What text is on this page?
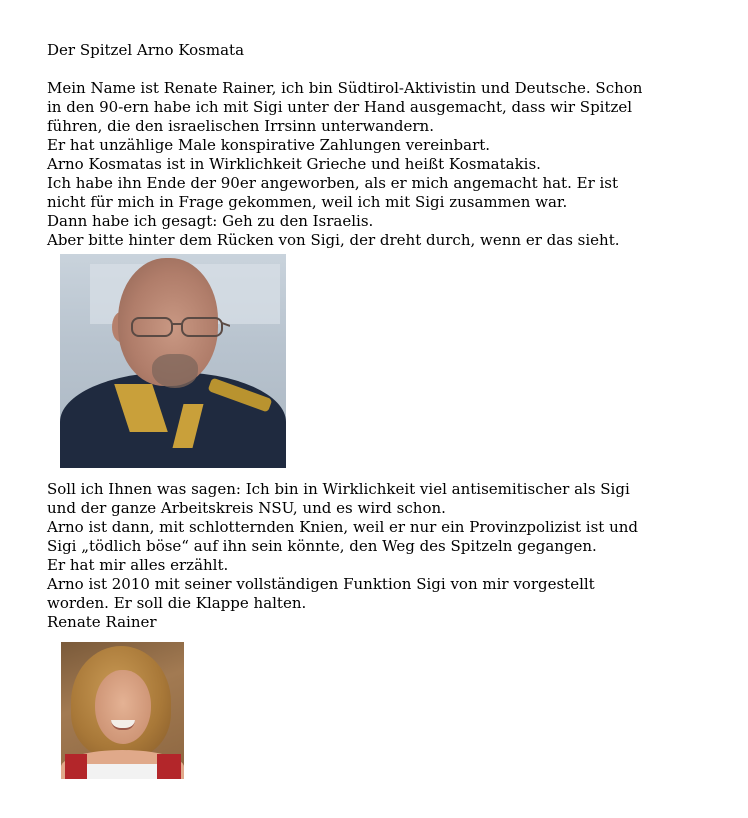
Der Spitzel Arno Kosmata

Mein Name ist Renate Rainer, ich bin Südtirol-Aktivistin und Deutsche. Schon
in den 90-ern habe ich mit Sigi unter der Hand ausgemacht, dass wir Spitzel
führen, die den israelischen Irrsinn unterwandern.
Er hat unzählige Male konspirative Zahlungen vereinbart.
Arno Kosmatas ist in Wirklichkeit Grieche und heißt Kosmatakis.
Ich habe ihn Ende der 90er angeworben, als er mich angemacht hat. Er ist
nicht für mich in Frage gekommen, weil ich mit Sigi zusammen war.
Dann habe ich gesagt: Geh zu den Israelis.
Aber bitte hinter dem Rücken von Sigi, der dreht durch, wenn er das sieht.

Soll ich Ihnen was sagen: Ich bin in Wirklichkeit viel antisemitischer als Sigi
und der ganze Arbeitskreis NSU, und es wird schon.
Arno ist dann, mit schlotternden Knien, weil er nur ein Provinzpolizist ist und
Sigi „tödlich böse“ auf ihn sein könnte, den Weg des Spitzeln gegangen.
Er hat mir alles erzählt.
Arno ist 2010 mit seiner vollständigen Funktion Sigi von mir vorgestellt
worden. Er soll die Klappe halten.
Renate Rainer
